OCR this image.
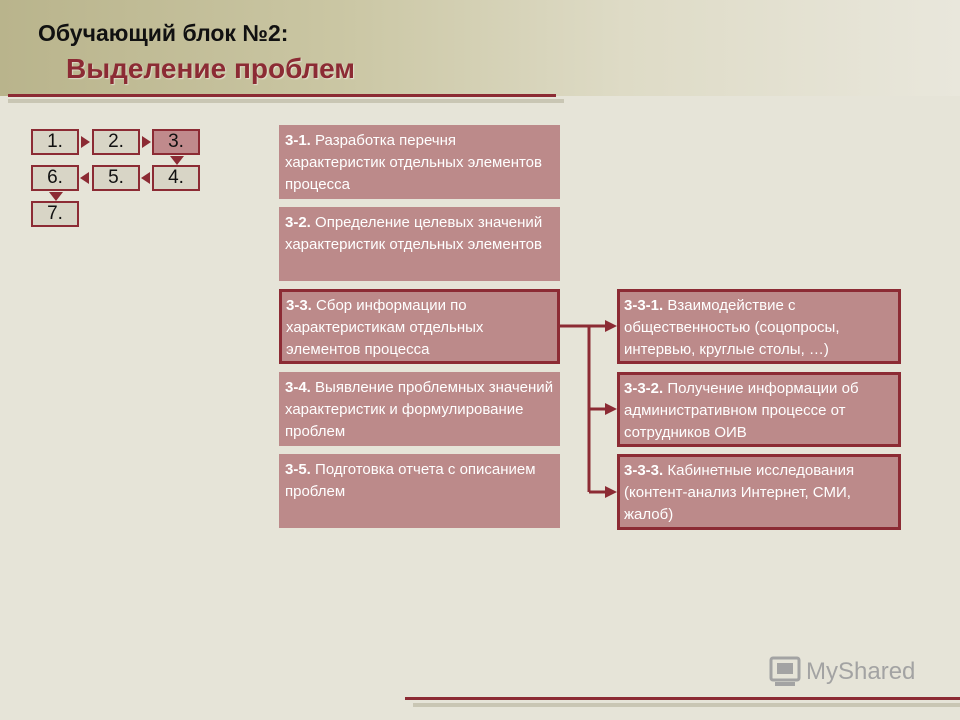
Обучающий блок №2:
Выделение проблем
1.	2.	3.
6.	5.	4.
7.
3-1. Разработка перечня характеристик отдельных элементов процесса
3-2. Определение целевых значений характеристик отдельных элементов
3-3. Сбор информации по характеристикам отдельных элементов процесса
3-4. Выявление проблемных значений характеристик и формулирование проблем
3-5. Подготовка отчета с описанием проблем
3-3-1. Взаимодействие с общественностью (соцопросы, интервью, круглые столы, …)
3-3-2. Получение информации об административном процессе от сотрудников ОИВ
3-3-3. Кабинетные исследования (контент-анализ Интернет, СМИ, жалоб)
MyShared
